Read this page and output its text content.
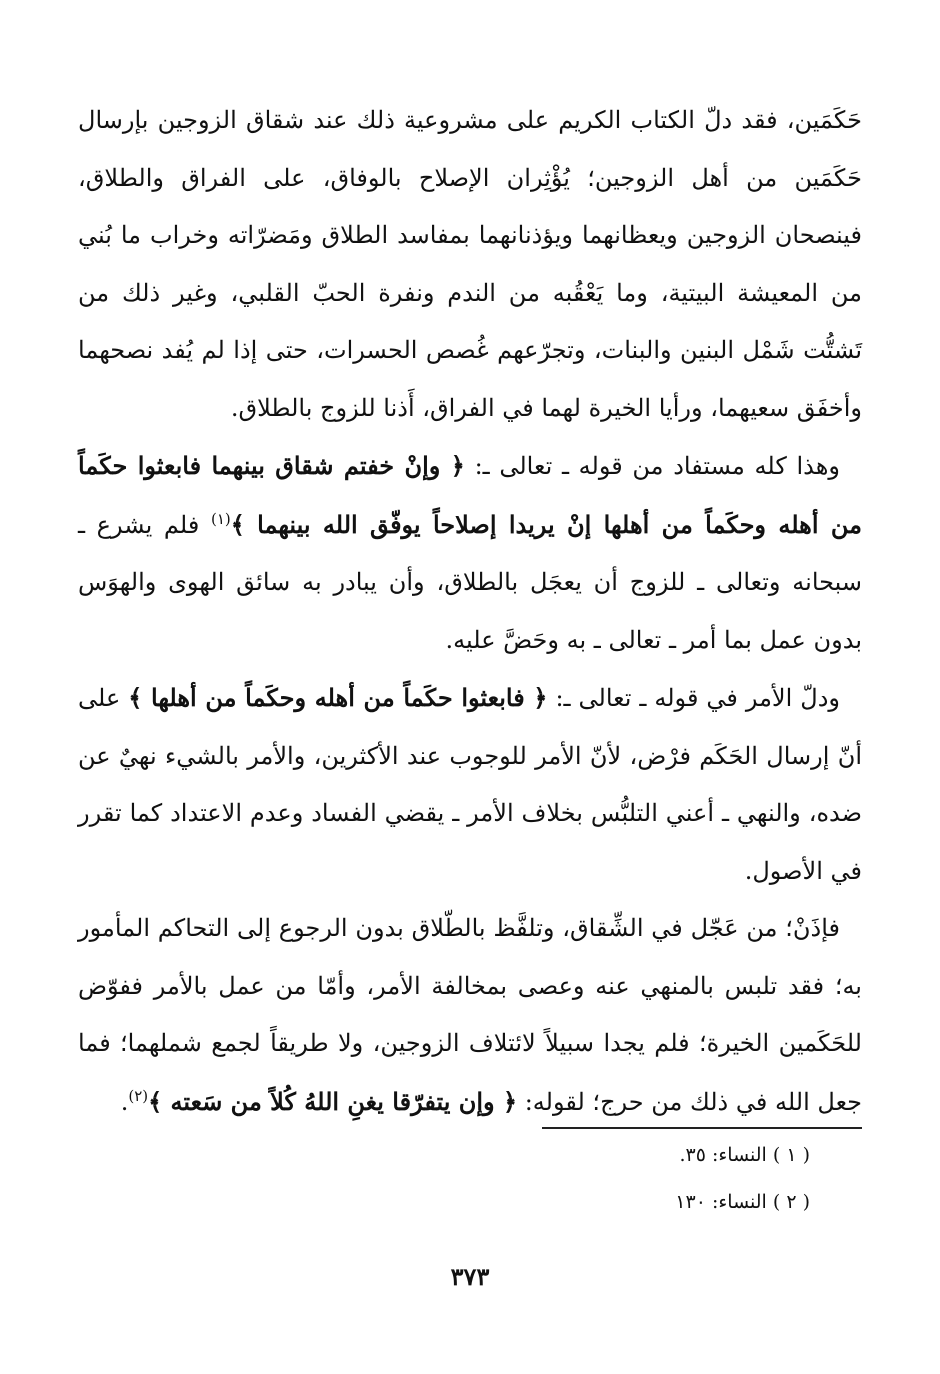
حَكَمَين، فقد دلّ الكتاب الكريم على مشروعية ذلك عند شقاق الزوجين بإرسال حَكَمَين من أهل الزوجين؛ يُؤْثِران الإصلاح بالوفاق، على الفراق والطلاق، فينصحان الزوجين ويعظانهما ويؤذنانهما بمفاسد الطلاق ومَضرّاته وخراب ما بُني من المعيشة البيتية، وما يَعْقُبه من الندم ونفرة الحبّ القلبي، وغير ذلك من تَشتُّت شَمْل البنين والبنات، وتجرّعهم غُصص الحسرات، حتى إذا لم يُفد نصحهما وأخفَق سعيهما، ورأيا الخيرة لهما في الفراق، أَذنا للزوج بالطلاق.

وهذا كله مستفاد من قوله ـ تعالى ـ: ﴿ وإنْ خفتم شقاق بينهما فابعثوا حكَماً من أهله وحكَماً من أهلها إنْ يريدا إصلاحاً يوفّق الله بينهما ﴾$^{(١)}$ فلم يشرع ـ سبحانه وتعالى ـ للزوج أن يعجَل بالطلاق، وأن يبادر به سائق الهوى والهوَس بدون عمل بما أمر ـ تعالى ـ به وحَضَّ عليه.

ودلّ الأمر في قوله ـ تعالى ـ: ﴿ فابعثوا حكَماً من أهله وحكَماً من أهلها ﴾ على أنّ إرسال الحَكَم فرْض، لأنّ الأمر للوجوب عند الأكثرين، والأمر بالشيء نهيٌ عن ضده، والنهي ـ أعني التلبُّس بخلاف الأمر ـ يقضي الفساد وعدم الاعتداد كما تقرر في الأصول.

فإذَنْ؛ من عَجّل في الشِّقاق، وتلفَّظ بالطّلاق بدون الرجوع إلى التحاكم المأمور به؛ فقد تلبس بالمنهي عنه وعصى بمخالفة الأمر، وأمّا من عمل بالأمر ففوّض للحَكَمين الخيرة؛ فلم يجدا سبيلاً لائتلاف الزوجين، ولا طريقاً لجمع شملهما؛ فما جعل الله في ذلك من حرج؛ لقوله: ﴿ وإن يتفرّقا يغنِ اللهُ كُلاً من سَعته ﴾$^{(٢)}$.

( ١ ) النساء: ٣٥.
( ٢ ) النساء: ١٣٠
٣٧٣
